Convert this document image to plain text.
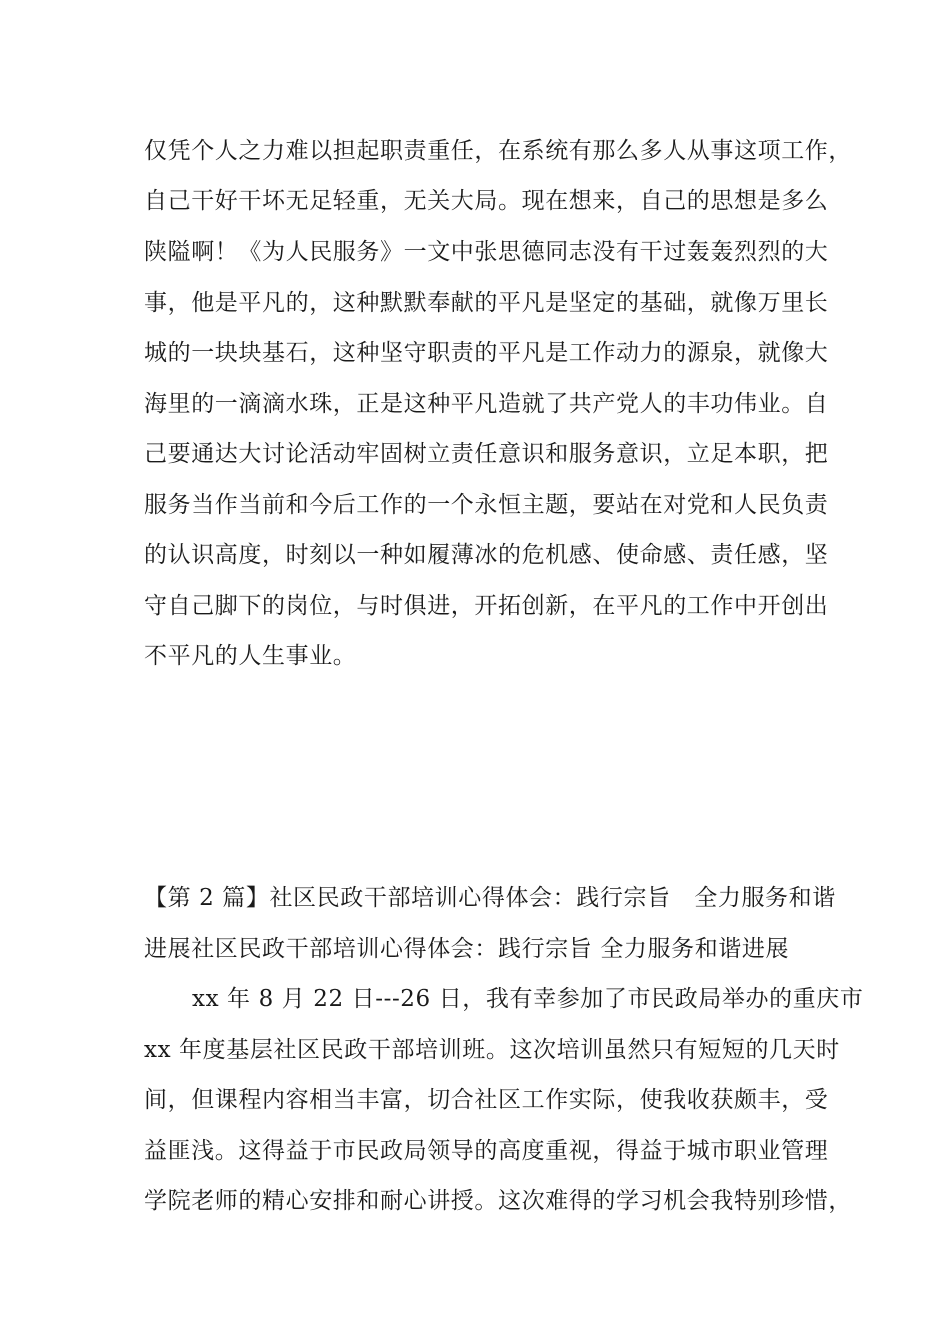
仅凭个人之力难以担起职责重任，在系统有那么多人从事这项工作，
自己干好干坏无足轻重，无关大局。现在想来，自己的思想是多么
陕隘啊！《为人民服务》一文中张思德同志没有干过轰轰烈烈的大
事，他是平凡的，这种默默奉献的平凡是坚定的基础，就像万里长
城的一块块基石，这种坚守职责的平凡是工作动力的源泉，就像大
海里的一滴滴水珠，正是这种平凡造就了共产党人的丰功伟业。自
己要通达大讨论活动牢固树立责任意识和服务意识，立足本职，把
服务当作当前和今后工作的一个永恒主题，要站在对党和人民负责
的认识高度，时刻以一种如履薄冰的危机感、使命感、责任感，坚
守自己脚下的岗位，与时俱进，开拓创新，在平凡的工作中开创出
不平凡的人生事业。
【第 2 篇】社区民政干部培训心得体会：践行宗旨　全力服务和谐
进展社区民政干部培训心得体会：践行宗旨 全力服务和谐进展
xx 年 8 月 22 日---26 日，我有幸参加了市民政局举办的重庆市
xx 年度基层社区民政干部培训班。这次培训虽然只有短短的几天时
间，但课程内容相当丰富，切合社区工作实际，使我收获颇丰，受
益匪浅。这得益于市民政局领导的高度重视，得益于城市职业管理
学院老师的精心安排和耐心讲授。这次难得的学习机会我特别珍惜，
